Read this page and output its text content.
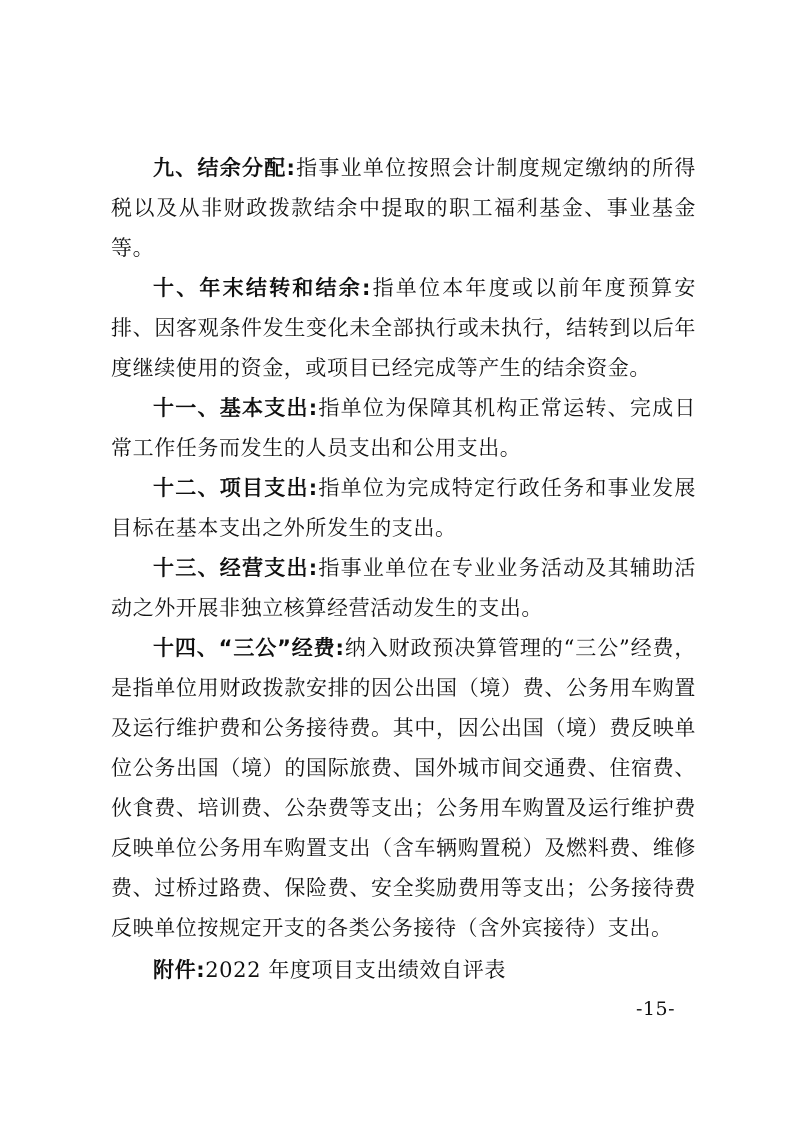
九、结余分配:指事业单位按照会计制度规定缴纳的所得税以及从非财政拨款结余中提取的职工福利基金、事业基金等。

十、年末结转和结余:指单位本年度或以前年度预算安排、因客观条件发生变化未全部执行或未执行，结转到以后年度继续使用的资金，或项目已经完成等产生的结余资金。

十一、基本支出:指单位为保障其机构正常运转、完成日常工作任务而发生的人员支出和公用支出。

十二、项目支出:指单位为完成特定行政任务和事业发展目标在基本支出之外所发生的支出。

十三、经营支出:指事业单位在专业业务活动及其辅助活动之外开展非独立核算经营活动发生的支出。

十四、“三公”经费:纳入财政预决算管理的“三公”经费，是指单位用财政拨款安排的因公出国（境）费、公务用车购置及运行维护费和公务接待费。其中，因公出国（境）费反映单位公务出国（境）的国际旅费、国外城市间交通费、住宿费、伙食费、培训费、公杂费等支出；公务用车购置及运行维护费反映单位公务用车购置支出（含车辆购置税）及燃料费、维修费、过桥过路费、保险费、安全奖励费用等支出；公务接待费反映单位按规定开支的各类公务接待（含外宾接待）支出。

附件:2022 年度项目支出绩效自评表

-15-
